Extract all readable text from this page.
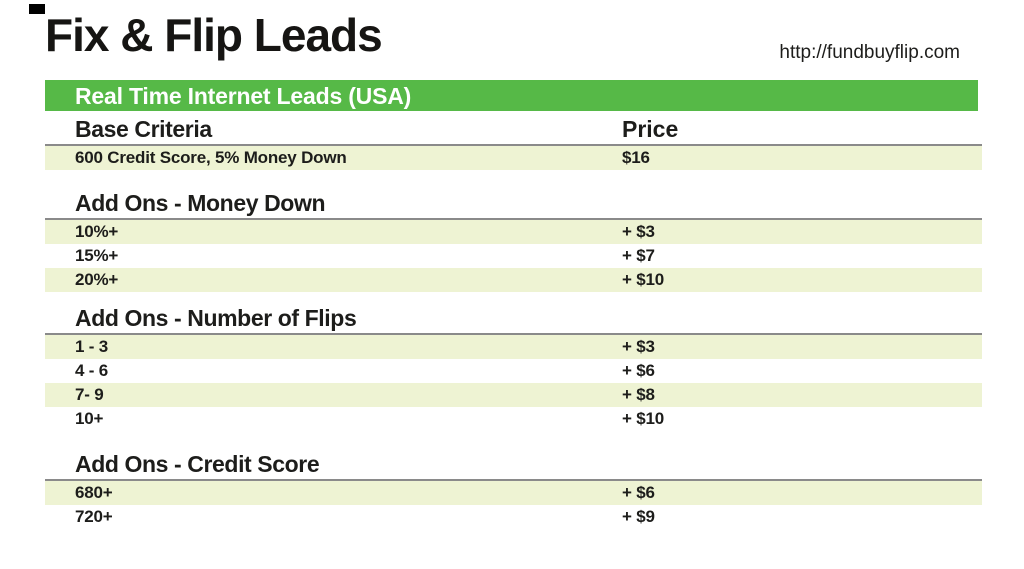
Fix & Flip Leads	http://fundbuyflip.com
Real Time Internet Leads (USA)
Base Criteria	Price
600 Credit Score, 5% Money Down	$16
Add Ons - Money Down
10%+	+ $3
15%+	+ $7
20%+	+ $10
Add Ons - Number of Flips
1 - 3	+ $3
4 - 6	+ $6
7- 9	+ $8
10+	+ $10
Add Ons - Credit Score
680+	+ $6
720+	+ $9
